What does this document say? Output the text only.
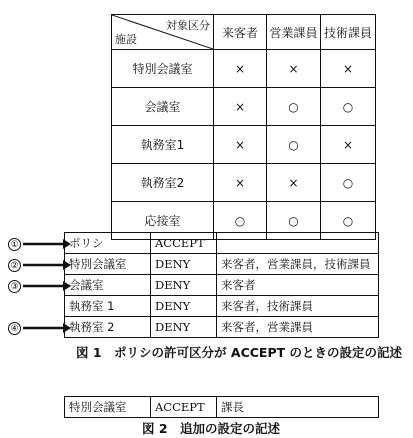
対象区分
施設	来客者	営業課員	技術課員
特別会議室	×	×	×
会議室	×	○	○
執務室1	×	○	×
執務室2	×	×	○
応接室	○	○	○
①
②
③
④
ポリシ	ACCEPT	
特別会議室	DENY	来客者，営業課員，技術課員
会議室	DENY	来客者
執務室 1	DENY	来客者，技術課員
執務室 2	DENY	来客者，営業課員
図 1　ポリシの許可区分が ACCEPT のときの設定の記述
特別会議室	ACCEPT	課長
図 2　追加の設定の記述
